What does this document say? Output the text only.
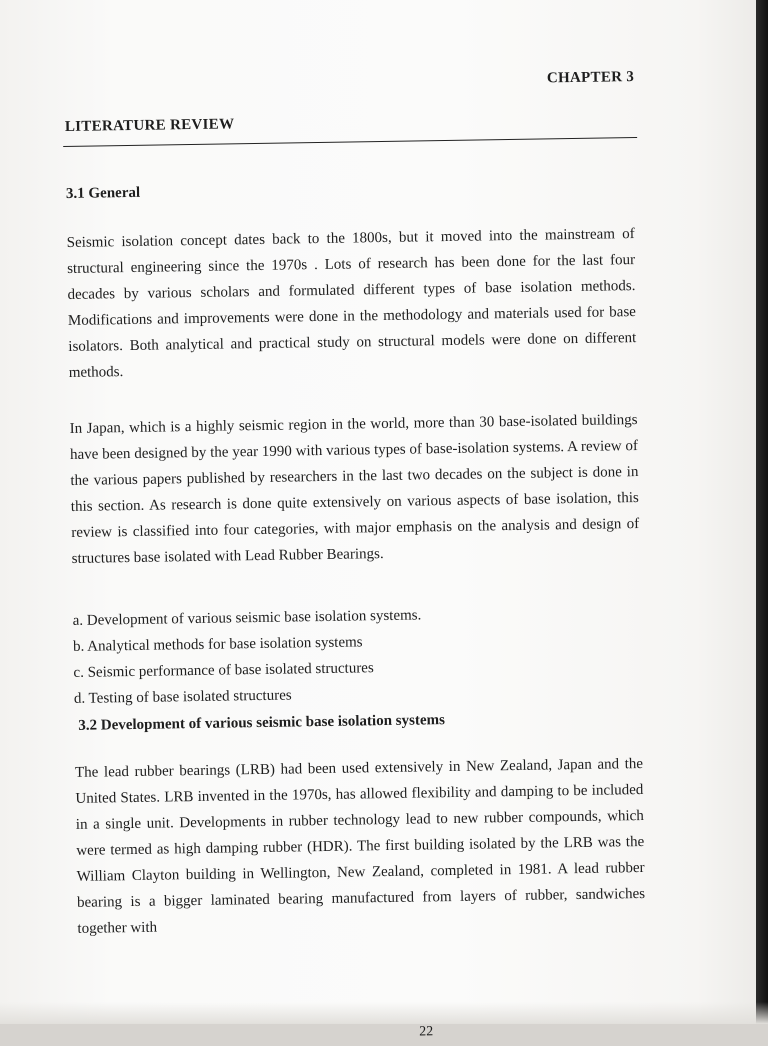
CHAPTER 3
LITERATURE REVIEW
3.1 General
Seismic isolation concept dates back to the 1800s, but it moved into the mainstream of structural engineering since the 1970s . Lots of research has been done for the last four decades by various scholars and formulated different types of base isolation methods. Modifications and improvements were done in the methodology and materials used for base isolators. Both analytical and practical study on structural models were done on different methods.
In Japan, which is a highly seismic region in the world, more than 30 base-isolated buildings have been designed by the year 1990 with various types of base-isolation systems. A review of the various papers published by researchers in the last two decades on the subject is done in this section. As research is done quite extensively on various aspects of base isolation, this review is classified into four categories, with major emphasis on the analysis and design of structures base isolated with Lead Rubber Bearings.
a. Development of various seismic base isolation systems.
b. Analytical methods for base isolation systems
c. Seismic performance of base isolated structures
d. Testing of base isolated structures
3.2 Development of various seismic base isolation systems
The lead rubber bearings (LRB) had been used extensively in New Zealand, Japan and the United States. LRB invented in the 1970s, has allowed flexibility and damping to be included in a single unit. Developments in rubber technology lead to new rubber compounds, which were termed as high damping rubber (HDR). The first building isolated by the LRB was the William Clayton building in Wellington, New Zealand, completed in 1981. A lead rubber bearing is a bigger laminated bearing manufactured from layers of rubber, sandwiches together with
22
